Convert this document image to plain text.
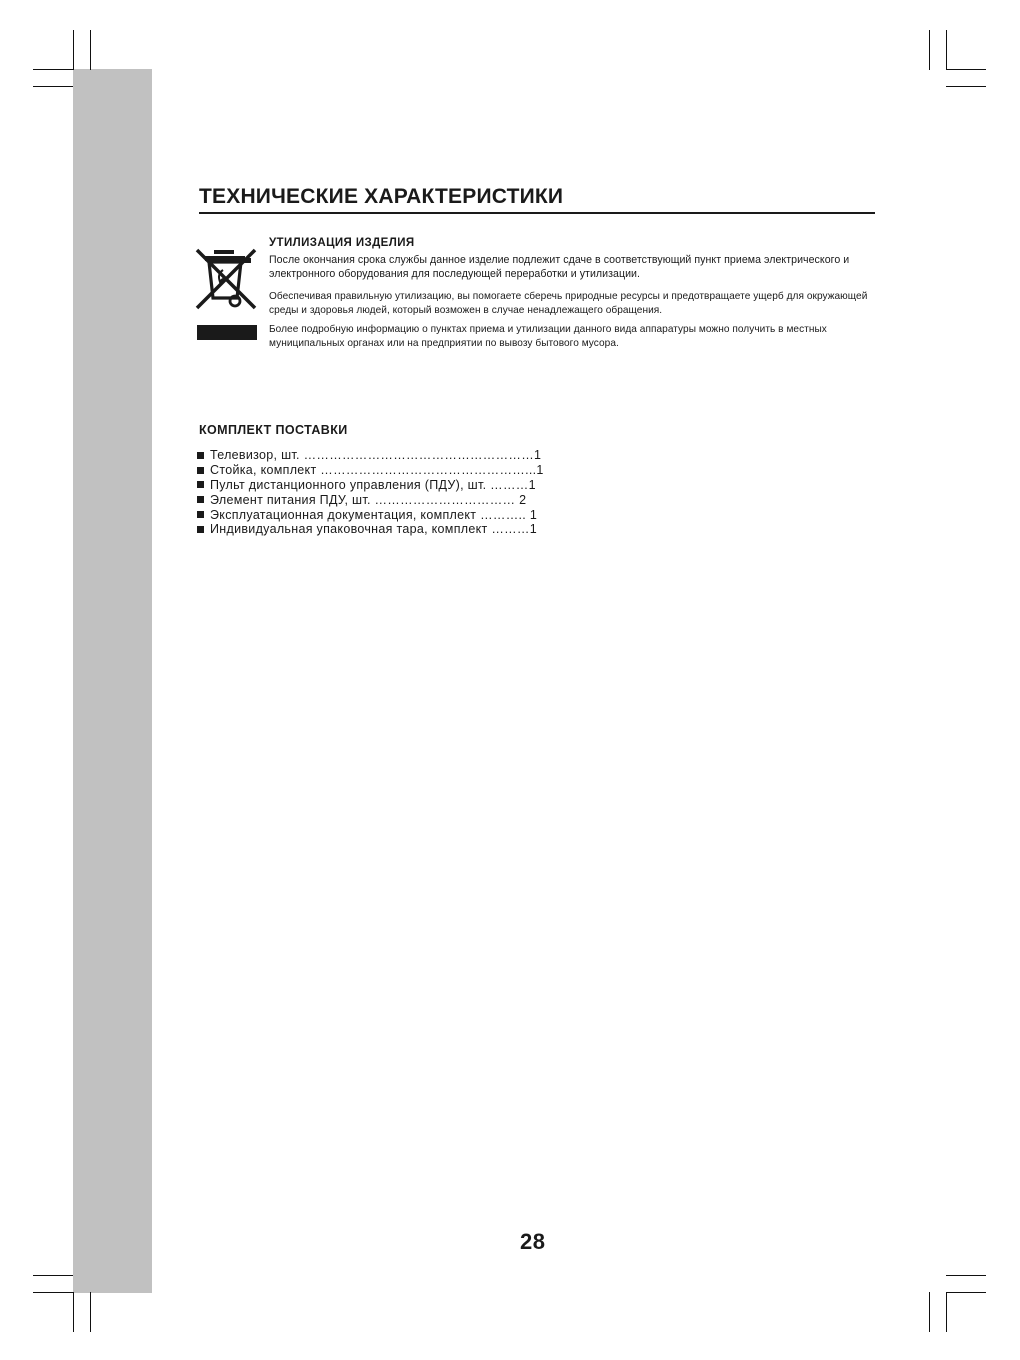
ТЕХНИЧЕСКИЕ ХАРАКТЕРИСТИКИ
УТИЛИЗАЦИЯ ИЗДЕЛИЯ
После окончания срока службы данное изделие подлежит сдаче в соответствующий пункт приема электрического и электронного оборудования для последующей переработки и утилизации.
Обеспечивая правильную утилизацию, вы помогаете сберечь природные ресурсы и предотвращаете ущерб для окружающей среды и здоровья людей, который возможен в случае ненадлежащего обращения.
Более подробную информацию о пунктах приема и утилизации данного вида аппаратуры можно получить в местных муниципальных органах или на предприятии по вывозу бытового мусора.
КОМПЛЕКТ ПОСТАВКИ
Телевизор, шт. ………………………………………………1
Стойка, комплект …………………………………………...1
Пульт дистанционного управления (ПДУ), шт. ………1
Элемент питания ПДУ, шт. …………………………… 2
Эксплуатационная документация, комплект ……….. 1
Индивидуальная упаковочная тара, комплект ………1
28
